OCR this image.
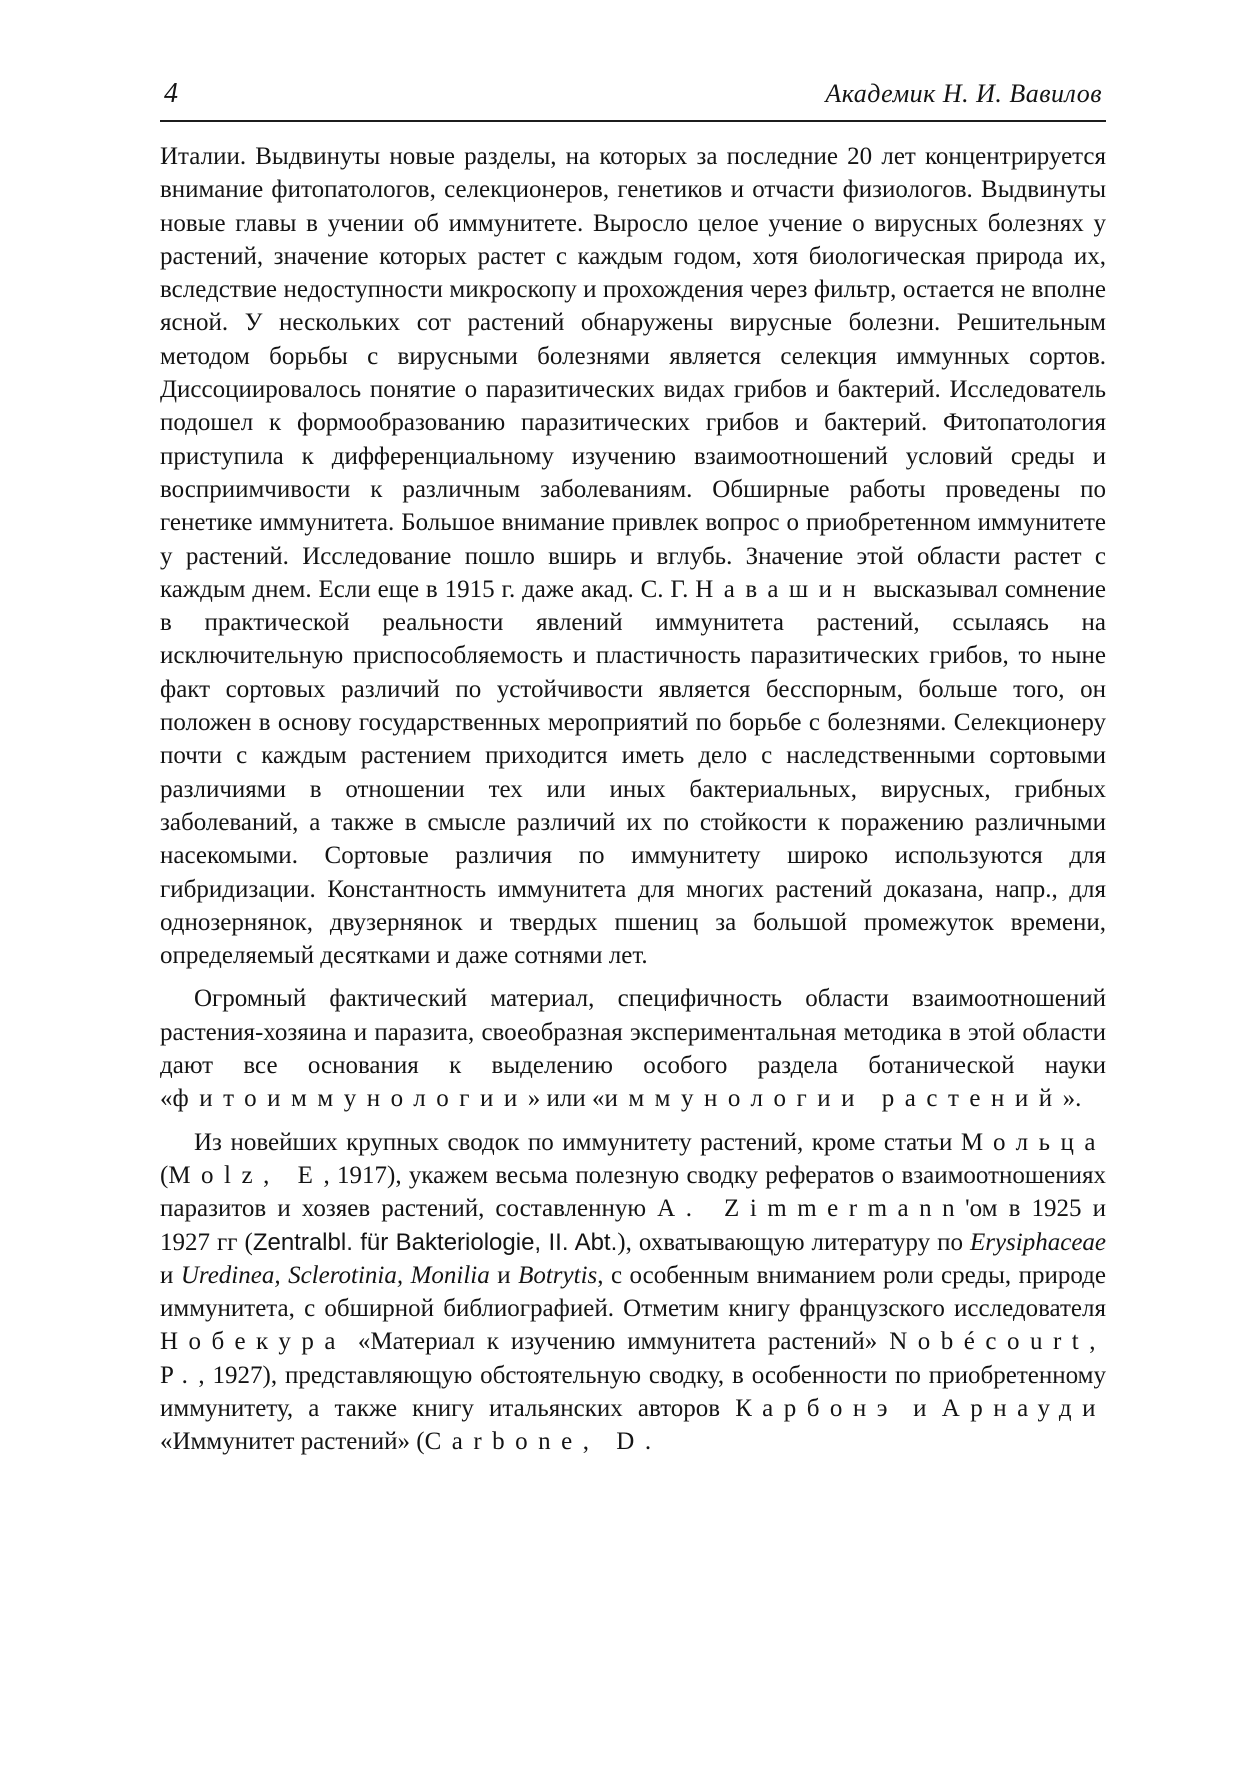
4	Академик Н. И. Вавилов

Италии. Выдвинуты новые разделы, на которых за последние 20 лет концентрируется внимание фитопатологов, селекционеров, генетиков и отчасти физиологов. Выдвинуты новые главы в учении об иммунитете. Выросло целое учение о вирусных болезнях у растений, значение которых растет с каждым годом, хотя биологическая природа их, вследствие недоступности микроскопу и прохождения через фильтр, остается не вполне ясной. У нескольких сот растений обнаружены вирусные болезни. Решительным методом борьбы с вирусными болезнями является селекция иммунных сортов. Диссоциировалось понятие о паразитических видах грибов и бактерий. Исследователь подошел к формообразованию паразитических грибов и бактерий. Фитопатология приступила к дифференциальному изучению взаимоотношений условий среды и восприимчивости к различным заболеваниям. Обширные работы проведены по генетике иммунитета. Большое внимание привлек вопрос о приобретенном иммунитете у растений. Исследование пошло вширь и вглубь. Значение этой области растет с каждым днем. Если еще в 1915 г. даже акад. С. Г. Навашин высказывал сомнение в практической реальности явлений иммунитета растений, ссылаясь на исключительную приспособляемость и пластичность паразитических грибов, то ныне факт сортовых различий по устойчивости является бесспорным, больше того, он положен в основу государственных мероприятий по борьбе с болезнями. Селекционеру почти с каждым растением приходится иметь дело с наследственными сортовыми различиями в отношении тех или иных бактериальных, вирусных, грибных заболеваний, а также в смысле различий их по стойкости к поражению различными насекомыми. Сортовые различия по иммунитету широко используются для гибридизации. Константность иммунитета для многих растений доказана, напр., для однозернянок, двузернянок и твердых пшениц за большой промежуток времени, определяемый десятками и даже сотнями лет.

Огромный фактический материал, специфичность области взаимоотношений растения-хозяина и паразита, своеобразная экспериментальная методика в этой области дают все основания к выделению особого раздела ботанической науки «фитоиммунологии» или «иммунологии растений».

Из новейших крупных сводок по иммунитету растений, кроме статьи Мольца (Molz, E, 1917), укажем весьма полезную сводку рефератов о взаимоотношениях паразитов и хозяев растений, составленную A. Zimmermann'ом в 1925 и 1927 гг (Zentralbl. für Bakteriologie, II. Abt.), охватывающую литературу по Erysiphaceae и Uredinea, Sclerotinia, Monilia и Botrytis, с особенным вниманием роли среды, природе иммунитета, с обширной библиографией. Отметим книгу французского исследователя Нобекура «Материал к изучению иммунитета растений» Nobécourt, P., 1927), представляющую обстоятельную сводку, в особенности по приобретенному иммунитету, а также книгу итальянских авторов Карбонэ и Арнауди «Иммунитет растений» (Carbone, D.
